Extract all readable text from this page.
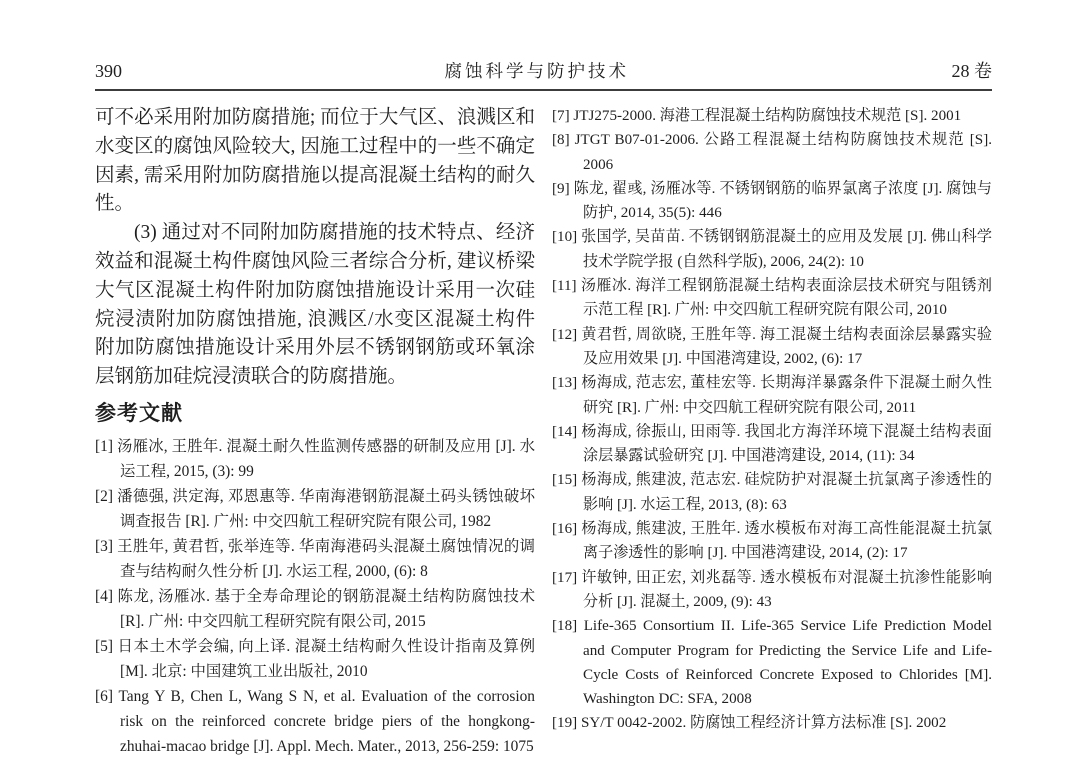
390	腐蚀科学与防护技术	28 卷

可不必采用附加防腐措施; 而位于大气区、浪溅区和水变区的腐蚀风险较大, 因施工过程中的一些不确定因素, 需采用附加防腐措施以提高混凝土结构的耐久性。

(3) 通过对不同附加防腐措施的技术特点、经济效益和混凝土构件腐蚀风险三者综合分析, 建议桥梁大气区混凝土构件附加防腐蚀措施设计采用一次硅烷浸渍附加防腐蚀措施, 浪溅区/水变区混凝土构件附加防腐蚀措施设计采用外层不锈钢钢筋或环氧涂层钢筋加硅烷浸渍联合的防腐措施。

参考文献
[1] 汤雁冰, 王胜年. 混凝土耐久性监测传感器的研制及应用 [J]. 水运工程, 2015, (3): 99
[2] 潘德强, 洪定海, 邓恩惠等. 华南海港钢筋混凝土码头锈蚀破坏调查报告 [R]. 广州: 中交四航工程研究院有限公司, 1982
[3] 王胜年, 黄君哲, 张举连等. 华南海港码头混凝土腐蚀情况的调查与结构耐久性分析 [J]. 水运工程, 2000, (6): 8
[4] 陈龙, 汤雁冰. 基于全寿命理论的钢筋混凝土结构防腐蚀技术 [R]. 广州: 中交四航工程研究院有限公司, 2015
[5] 日本土木学会编, 向上译. 混凝土结构耐久性设计指南及算例 [M]. 北京: 中国建筑工业出版社, 2010
[6] Tang Y B, Chen L, Wang S N, et al. Evaluation of the corrosion risk on the reinforced concrete bridge piers of the hongkong-zhuhai-macao bridge [J]. Appl. Mech. Mater., 2013, 256-259: 1075
[7] JTJ275-2000. 海港工程混凝土结构防腐蚀技术规范 [S]. 2001
[8] JTGT B07-01-2006. 公路工程混凝土结构防腐蚀技术规范 [S]. 2006
[9] 陈龙, 翟彧, 汤雁冰等. 不锈钢钢筋的临界氯离子浓度 [J]. 腐蚀与防护, 2014, 35(5): 446
[10] 张国学, 吴苗苗. 不锈钢钢筋混凝土的应用及发展 [J]. 佛山科学技术学院学报 (自然科学版), 2006, 24(2): 10
[11] 汤雁冰. 海洋工程钢筋混凝土结构表面涂层技术研究与阻锈剂示范工程 [R]. 广州: 中交四航工程研究院有限公司, 2010
[12] 黄君哲, 周欲晓, 王胜年等. 海工混凝土结构表面涂层暴露实验及应用效果 [J]. 中国港湾建设, 2002, (6): 17
[13] 杨海成, 范志宏, 董桂宏等. 长期海洋暴露条件下混凝土耐久性研究 [R]. 广州: 中交四航工程研究院有限公司, 2011
[14] 杨海成, 徐振山, 田雨等. 我国北方海洋环境下混凝土结构表面涂层暴露试验研究 [J]. 中国港湾建设, 2014, (11): 34
[15] 杨海成, 熊建波, 范志宏. 硅烷防护对混凝土抗氯离子渗透性的影响 [J]. 水运工程, 2013, (8): 63
[16] 杨海成, 熊建波, 王胜年. 透水模板布对海工高性能混凝土抗氯离子渗透性的影响 [J]. 中国港湾建设, 2014, (2): 17
[17] 许敏钟, 田正宏, 刘兆磊等. 透水模板布对混凝土抗渗性能影响分析 [J]. 混凝土, 2009, (9): 43
[18] Life-365 Consortium II. Life-365 Service Life Prediction Model and Computer Program for Predicting the Service Life and Life-Cycle Costs of Reinforced Concrete Exposed to Chlorides [M]. Washington DC: SFA, 2008
[19] SY/T 0042-2002. 防腐蚀工程经济计算方法标准 [S]. 2002
